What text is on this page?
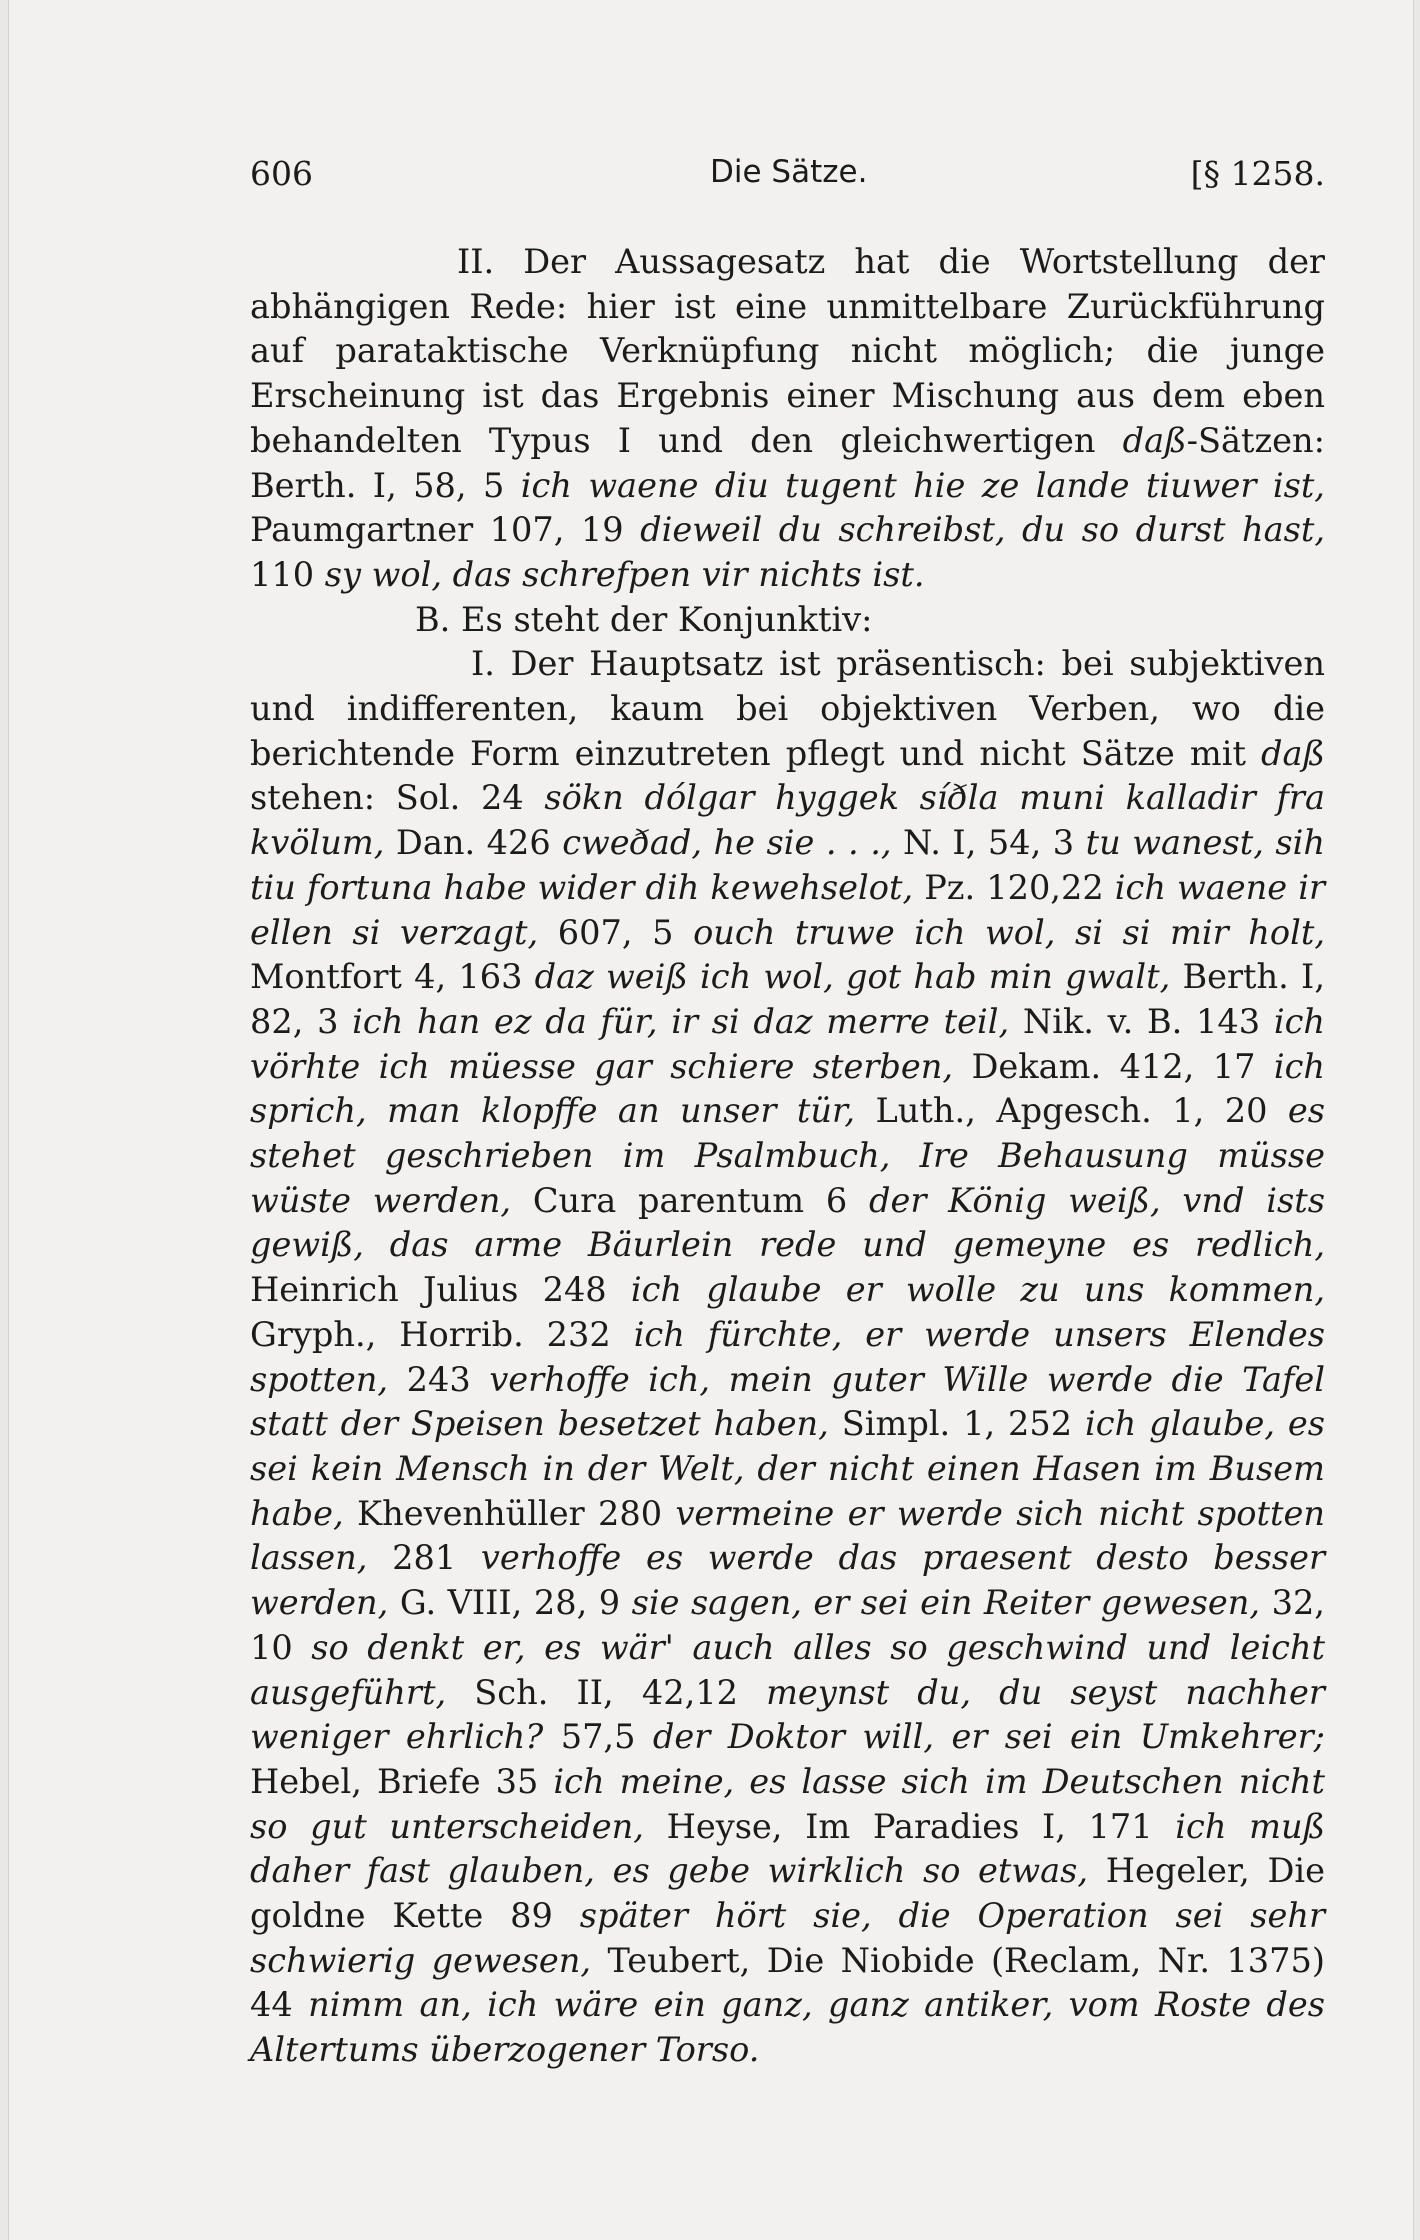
606	Die Sätze.	[§ 1258.

II. Der Aussagesatz hat die Wortstellung der abhängigen Rede: hier ist eine unmittelbare Zurückführung auf parataktische Verknüpfung nicht möglich; die junge Erscheinung ist das Ergebnis einer Mischung aus dem eben behandelten Typus I und den gleichwertigen daß-Sätzen: Berth. I, 58, 5 ich waene diu tugent hie ze lande tiuwer ist, Paumgartner 107, 19 dieweil du schreibst, du so durst hast, 110 sy wol, das schrefpen vir nichts ist.

B. Es steht der Konjunktiv:

I. Der Hauptsatz ist präsentisch: bei subjektiven und indifferenten, kaum bei objektiven Verben, wo die berichtende Form einzutreten pflegt und nicht Sätze mit daß stehen: Sol. 24 sökn dólgar hyggek síðla muni kalladir fra kvölum, Dan. 426 cweðad, he sie . . ., N. I, 54, 3 tu wanest, sih tiu fortuna habe wider dih kewehselot, Pz. 120,22 ich waene ir ellen si verzagt, 607, 5 ouch truwe ich wol, si si mir holt, Montfort 4, 163 daz weiß ich wol, got hab min gwalt, Berth. I, 82, 3 ich han ez da für, ir si daz merre teil, Nik. v. B. 143 ich vörhte ich müesse gar schiere sterben, Dekam. 412, 17 ich sprich, man klopffe an unser tür, Luth., Apgesch. 1, 20 es stehet geschrieben im Psalmbuch, Ire Behausung müsse wüste werden, Cura parentum 6 der König weiß, vnd ists gewiß, das arme Bäurlein rede und gemeyne es redlich, Heinrich Julius 248 ich glaube er wolle zu uns kommen, Gryph., Horrib. 232 ich fürchte, er werde unsers Elendes spotten, 243 verhoffe ich, mein guter Wille werde die Tafel statt der Speisen besetzet haben, Simpl. 1, 252 ich glaube, es sei kein Mensch in der Welt, der nicht einen Hasen im Busem habe, Khevenhüller 280 vermeine er werde sich nicht spotten lassen, 281 verhoffe es werde das praesent desto besser werden, G. VIII, 28, 9 sie sagen, er sei ein Reiter gewesen, 32, 10 so denkt er, es wär' auch alles so geschwind und leicht ausgeführt, Sch. II, 42,12 meynst du, du seyst nachher weniger ehrlich? 57,5 der Doktor will, er sei ein Umkehrer; Hebel, Briefe 35 ich meine, es lasse sich im Deutschen nicht so gut unterscheiden, Heyse, Im Paradies I, 171 ich muß daher fast glauben, es gebe wirklich so etwas, Hegeler, Die goldne Kette 89 später hört sie, die Operation sei sehr schwierig gewesen, Teubert, Die Niobide (Reclam, Nr. 1375) 44 nimm an, ich wäre ein ganz, ganz antiker, vom Roste des Altertums überzogener Torso.
